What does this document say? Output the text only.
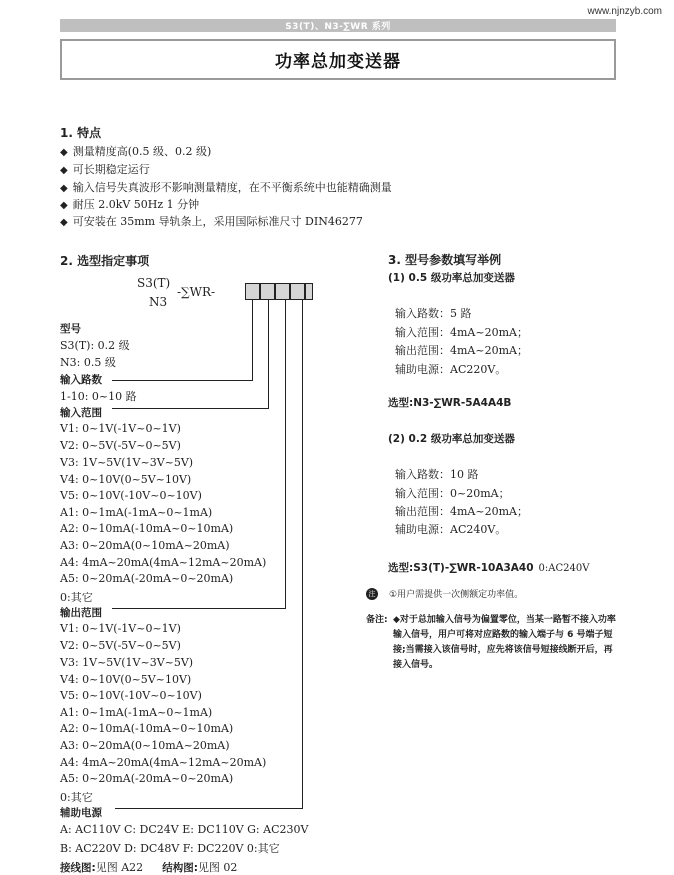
www.njnzyb.com
S3(T)、N3-∑WR 系列
功率总加变送器
1. 特点
◆ 测量精度高(0.5 级、0.2 级)
◆ 可长期稳定运行
◆ 输入信号失真波形不影响测量精度，在不平衡系统中也能精确测量
◆ 耐压 2.0kV 50Hz 1 分钟
◆ 可安装在 35mm 导轨条上，采用国际标准尺寸 DIN46277
2. 选型指定事项
S3(T)
N3
-∑WR-
型号
S3(T): 0.2 级
N3: 0.5 级
输入路数
1-10: 0~10 路
输入范围
V1: 0~1V(-1V~0~1V)
V2: 0~5V(-5V~0~5V)
V3: 1V~5V(1V~3V~5V)
V4: 0~10V(0~5V~10V)
V5: 0~10V(-10V~0~10V)
A1: 0~1mA(-1mA~0~1mA)
A2: 0~10mA(-10mA~0~10mA)
A3: 0~20mA(0~10mA~20mA)
A4: 4mA~20mA(4mA~12mA~20mA)
A5: 0~20mA(-20mA~0~20mA)
0:其它
输出范围
V1: 0~1V(-1V~0~1V)
V2: 0~5V(-5V~0~5V)
V3: 1V~5V(1V~3V~5V)
V4: 0~10V(0~5V~10V)
V5: 0~10V(-10V~0~10V)
A1: 0~1mA(-1mA~0~1mA)
A2: 0~10mA(-10mA~0~10mA)
A3: 0~20mA(0~10mA~20mA)
A4: 4mA~20mA(4mA~12mA~20mA)
A5: 0~20mA(-20mA~0~20mA)
0:其它
辅助电源
A: AC110V C: DC24V E: DC110V G: AC230V
B: AC220V D: DC48V F: DC220V 0:其它
接线图:见图 A22 结构图:见图 02
3. 型号参数填写举例
(1) 0.5 级功率总加变送器
输入路数：5 路
输入范围：4mA~20mA；
输出范围：4mA~20mA；
辅助电源：AC220V。
选型:N3-∑WR-5A4A4B
(2) 0.2 级功率总加变送器
输入路数：10 路
输入范围：0~20mA；
输出范围：4mA~20mA；
辅助电源：AC240V。
选型:S3(T)-∑WR-10A3A40 0:AC240V
注 ①用户需提供一次侧额定功率值。
备注: ◆对于总加输入信号为偏置零位，当某一路暂不接入功率
输入信号，用户可将对应路数的输入端子与 6 号端子短
接;当需接入该信号时，应先将该信号短接线断开后，再
接入信号。
